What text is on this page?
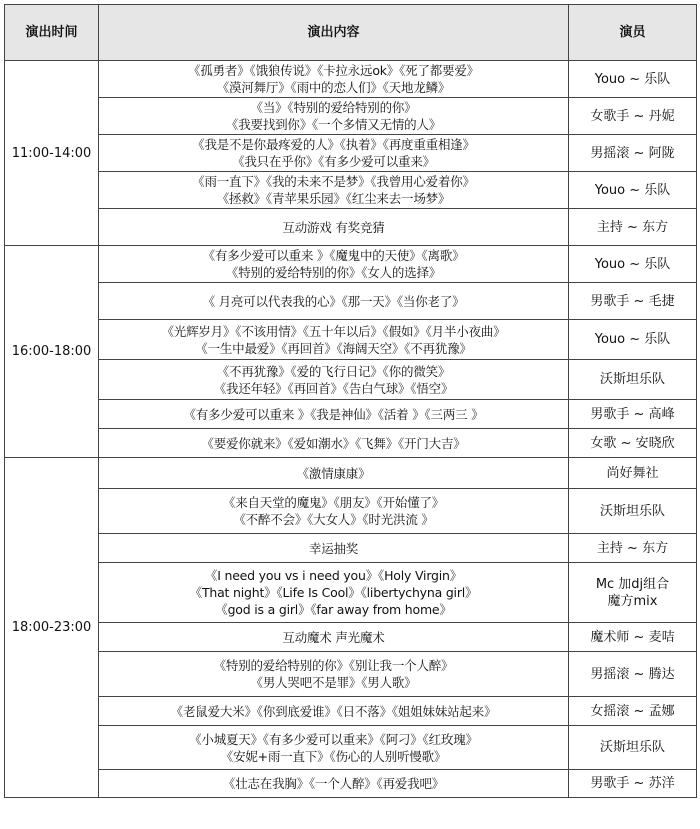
演出时间	演出内容	演员
11:00-14:00	《孤勇者》《饿狼传说》《卡拉永远ok》《死了都要爱》
《漠河舞厅》《雨中的恋人们》《天地龙鳞》	Youo ~ 乐队

	《当》《特别的爱给特别的你》
《我要找到你》《一个多情又无情的人》	女歌手 ~ 丹妮

	《我是不是你最疼爱的人》《执着》《再度重重相逢》
《我只在乎你》《有多少爱可以重来》	男摇滚 ~ 阿陇

	《雨一直下》《我的未来不是梦》《我曾用心爱着你》
《拯救》《青苹果乐园》《红尘来去一场梦》	Youo ~ 乐队

	互动游戏 有奖竞猜	主持 ~ 东方

16:00-18:00	《有多少爱可以重来 》《魔鬼中的天使》《离歌》
《特别的爱给特别的你》《女人的选择》	Youo ~ 乐队

	《 月亮可以代表我的心》《那一天》《当你老了》	男歌手 ~ 毛捷

	《光辉岁月》《不该用情》《五十年以后》《假如》《月半小夜曲》
《一生中最爱》《再回首》《海阔天空》《不再犹豫》	Youo ~ 乐队

	《不再犹豫》《爱的飞行日记》《你的微笑》
《我还年轻》《再回首》《告白气球》《悟空》	沃斯坦乐队

	《有多少爱可以重来 》《我是神仙》《活着 》《三两三 》	男歌手 ~ 高峰

	《要爱你就来》《爱如潮水》《飞舞》《开门大吉》	女歌 ~ 安晓欣

18:00-23:00	《激情康康》	尚好舞社

	《来自天堂的魔鬼》《朋友》《开始懂了》
《不醉不会》《大女人》《时光洪流 》	沃斯坦乐队

	幸运抽奖	主持 ~ 东方

	《I need you vs i need you》《Holy Virgin》
《That night》《Life Is Cool》《libertychyna girl》
《god is a girl》《far away from home》	Mc 加dj组合
魔方mix

	互动魔术 声光魔术	魔术师 ~ 麦咭

	《特别的爱给特别的你》《别让我一个人醉》
《男人哭吧不是罪》《男人歌》	男摇滚 ~ 腾达

	《老鼠爱大米》《你到底爱谁》《日不落》《姐姐妹妹站起来》	女摇滚 ~ 孟娜

	《小城夏天》《有多少爱可以重来》《阿刁》《红玫瑰》
《安妮+雨一直下》《伤心的人别听慢歌》	沃斯坦乐队

	《壮志在我胸》《一个人醉》《再爱我吧》	男歌手 ~ 苏洋
